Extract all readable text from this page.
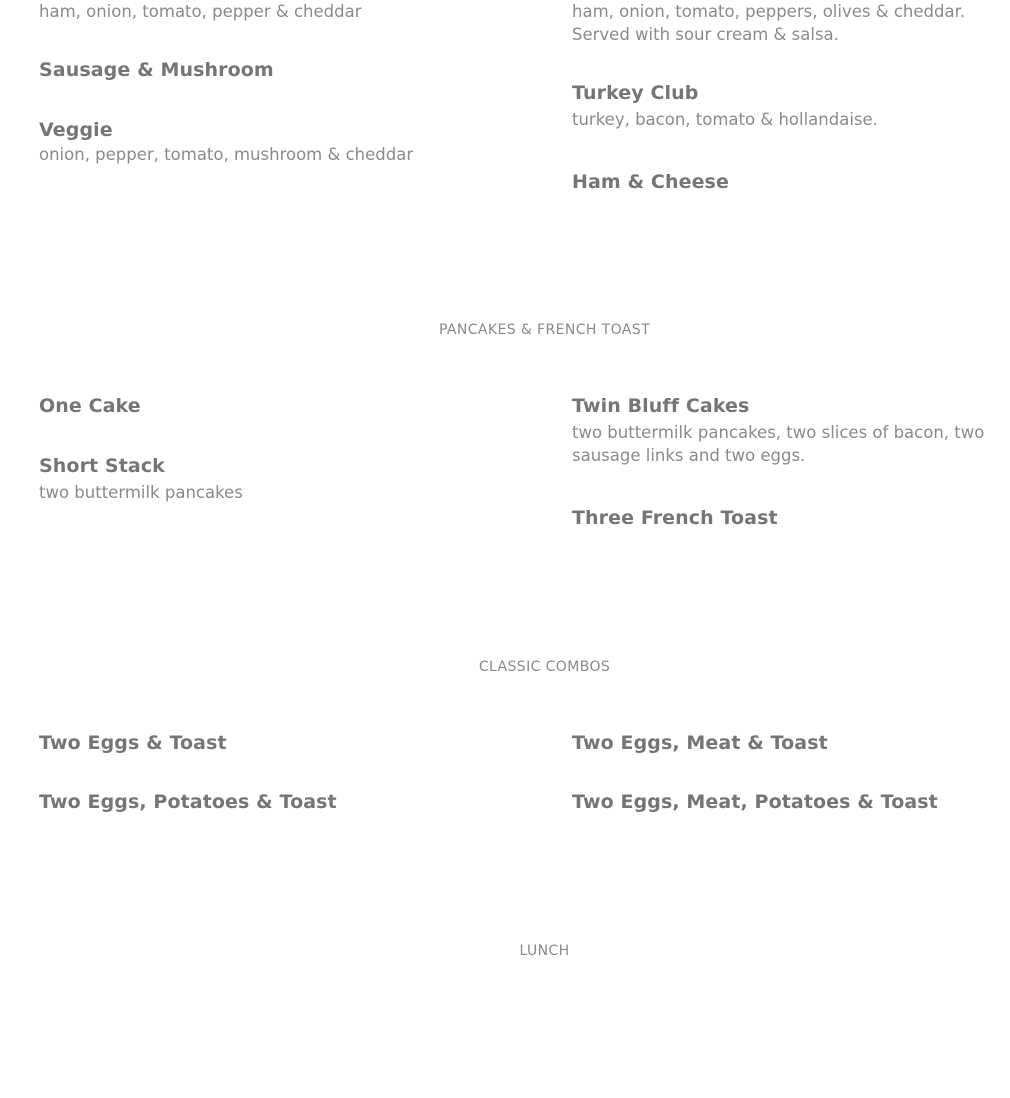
ham, onion, tomato, pepper & cheddar
Sausage & Mushroom
Veggie
onion, pepper, tomato, mushroom & cheddar
ham, onion, tomato, peppers, olives & cheddar. Served with sour cream & salsa.
Turkey Club
turkey, bacon, tomato & hollandaise.
Ham & Cheese
PANCAKES & FRENCH TOAST
One Cake
Short Stack
two buttermilk pancakes
Twin Bluff Cakes
two buttermilk pancakes, two slices of bacon, two sausage links and two eggs.
Three French Toast
CLASSIC COMBOS
Two Eggs & Toast
Two Eggs, Potatoes & Toast
Two Eggs, Meat & Toast
Two Eggs, Meat, Potatoes & Toast
LUNCH
